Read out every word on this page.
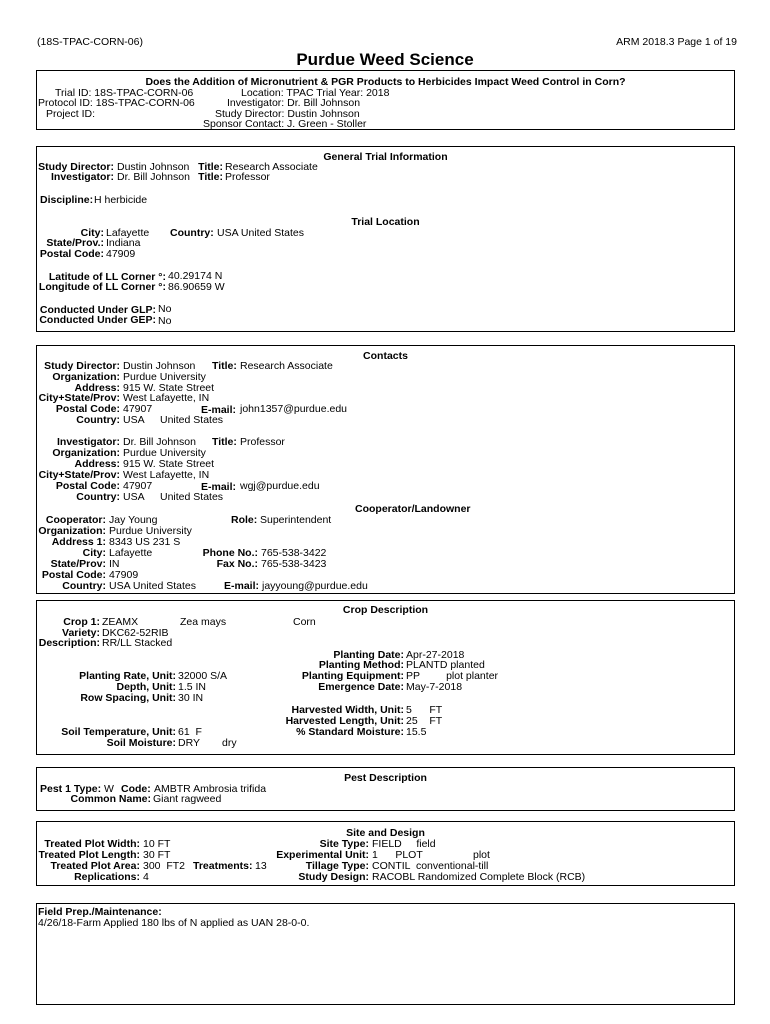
(18S-TPAC-CORN-06)	ARM 2018.3 Page 1 of 19
Purdue Weed Science
Does the Addition of Micronutrient & PGR Products to Herbicides Impact Weed Control in Corn?
Trial ID: 18S-TPAC-CORN-06
Protocol ID: 18S-TPAC-CORN-06
Project ID:
Location: TPAC Trial Year: 2018
Investigator: Dr. Bill Johnson
Study Director: Dustin Johnson
Sponsor Contact: J. Green - Stoller
General Trial Information
Study Director: Dustin Johnson Title: Research Associate
Investigator: Dr. Bill Johnson Title: Professor
Discipline: H herbicide
Trial Location
City: Lafayette Country: USA United States
State/Prov.: Indiana
Postal Code: 47909
Latitude of LL Corner °: 40.29174 N
Longitude of LL Corner °: 86.90659 W
Conducted Under GLP: No
Conducted Under GEP: No
Contacts
Study Director: Dustin Johnson Title: Research Associate
Organization: Purdue University
Address: 915 W. State Street
City+State/Prov: West Lafayette, IN
Postal Code: 47907	E-mail: john1357@purdue.edu
Country: USA United States
Investigator: Dr. Bill Johnson Title: Professor
Organization: Purdue University
Address: 915 W. State Street
City+State/Prov: West Lafayette, IN
Postal Code: 47907	E-mail: wgj@purdue.edu
Country: USA United States
Cooperator/Landowner
Cooperator: Jay Young	Role: Superintendent
Organization: Purdue University
Address 1: 8343 US 231 S
City: Lafayette	Phone No.: 765-538-3422
State/Prov: IN	Fax No.: 765-538-3423
Postal Code: 47909
Country: USA United States	E-mail: jayyoung@purdue.edu
Crop Description
Crop 1: ZEAMX	Zea mays	Corn
Variety: DKC62-52RIB
Description: RR/LL Stacked
Planting Date: Apr-27-2018
Planting Method: PLANTD planted
Planting Rate, Unit: 32000 S/A	Planting Equipment: PP         plot planter
Depth, Unit: 1.5 IN	Emergence Date: May-7-2018
Row Spacing, Unit: 30 IN
Harvested Width, Unit: 5      FT
Harvested Length, Unit: 25    FT
Soil Temperature, Unit: 61  F	% Standard Moisture: 15.5
Soil Moisture: DRY dry
Pest Description
Pest 1 Type: W Code: AMBTR Ambrosia trifida
Common Name: Giant ragweed
Site and Design
Treated Plot Width: 10 FT	Site Type: FIELD     field
Treated Plot Length: 30 FT	Experimental Unit: 1      PLOT	plot
Treated Plot Area: 300  FT2 Treatments: 13	Tillage Type: CONTIL  conventional-till
Replications: 4	Study Design: RACOBL Randomized Complete Block (RCB)
Field Prep./Maintenance:
4/26/18-Farm Applied 180 lbs of N applied as UAN 28-0-0.
